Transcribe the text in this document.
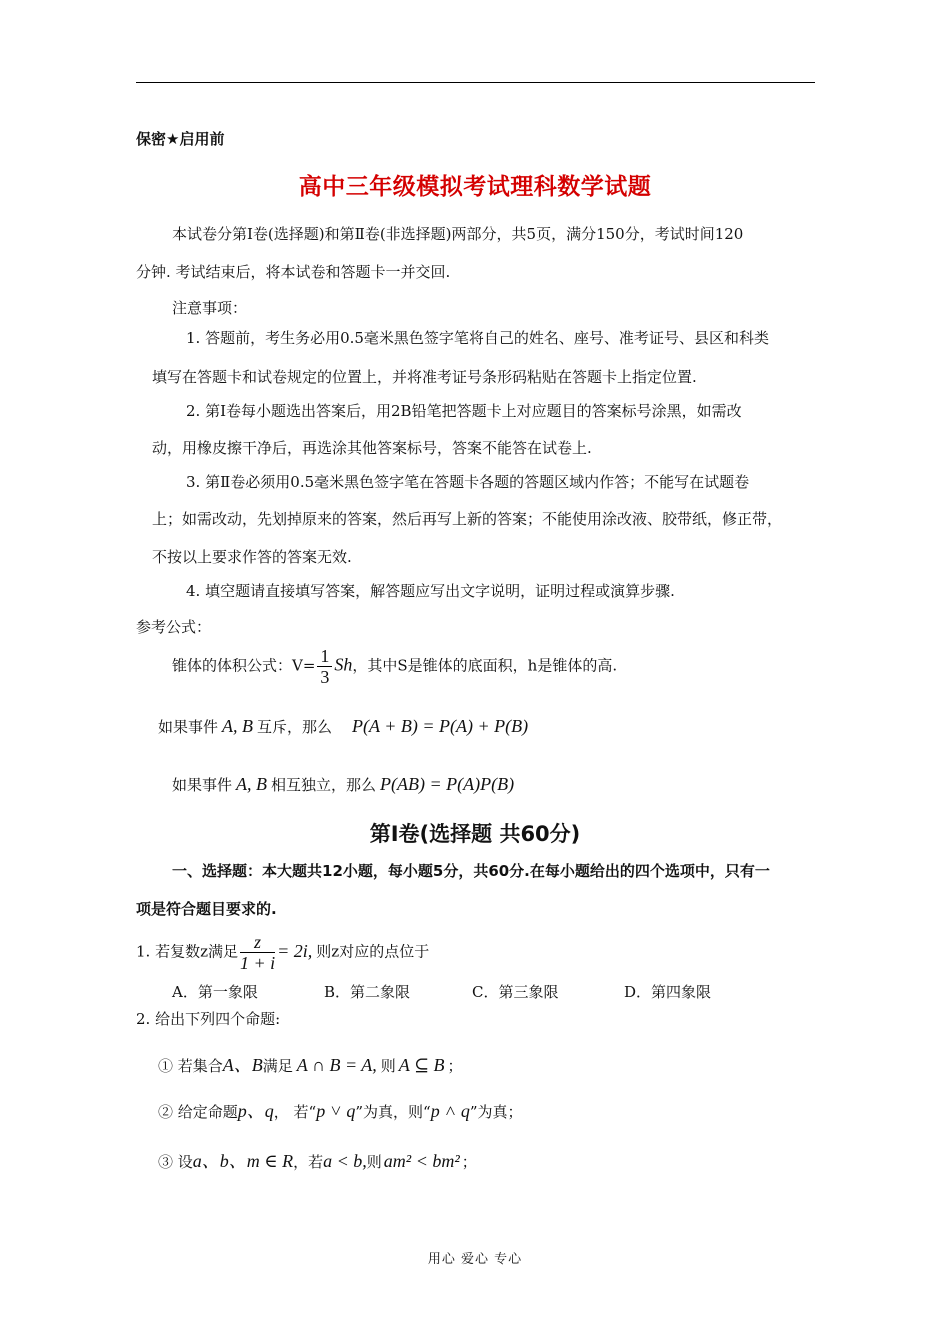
保密★启用前
高中三年级模拟考试理科数学试题
本试卷分第Ⅰ卷(选择题)和第Ⅱ卷(非选择题)两部分，共5页，满分150分，考试时间120
分钟. 考试结束后，将本试卷和答题卡一并交回.
注意事项：
1. 答题前，考生务必用0.5毫米黑色签字笔将自己的姓名、座号、准考证号、县区和科类
填写在答题卡和试卷规定的位置上，并将准考证号条形码粘贴在答题卡上指定位置.
2. 第Ⅰ卷每小题选出答案后，用2B铅笔把答题卡上对应题目的答案标号涂黑，如需改
动，用橡皮擦干净后，再选涂其他答案标号，答案不能答在试卷上.
3. 第Ⅱ卷必须用0.5毫米黑色签字笔在答题卡各题的答题区域内作答；不能写在试题卷
上；如需改动，先划掉原来的答案，然后再写上新的答案；不能使用涂改液、胶带纸，修正带，
不按以上要求作答的答案无效.
4. 填空题请直接填写答案，解答题应写出文字说明，证明过程或演算步骤.
参考公式：
锥体的体积公式：$V= \frac{1}{3}$ Sh，其中S是锥体的底面积，h是锥体的高.
如果事件 A, B 互斥，那么 P(A + B) = P(A) + P(B)
如果事件 A, B 相互独立，那么 P(AB) = P(A)P(B)
第Ⅰ卷(选择题 共60分)
一、选择题：本大题共12小题，每小题5分，共60分.在每小题给出的四个选项中，只有一
项是符合题目要求的.
1. 若复数z满足 $\frac{z}{1 + i} = 2i$, 则z对应的点位于
A．第一象限	B．第二象限	C．第三象限	D．第四象限
2. 给出下列四个命题:
① 若集合A、B满足 A ∩ B = A, 则 A ⊆ B ；
② 给定命题p、q， 若“p ˅ q”为真，则“p ˄ q”为真；
③ 设a、b、m ∈ R，若a < b,则 am² < bm² ；
用心 爱心 专心
